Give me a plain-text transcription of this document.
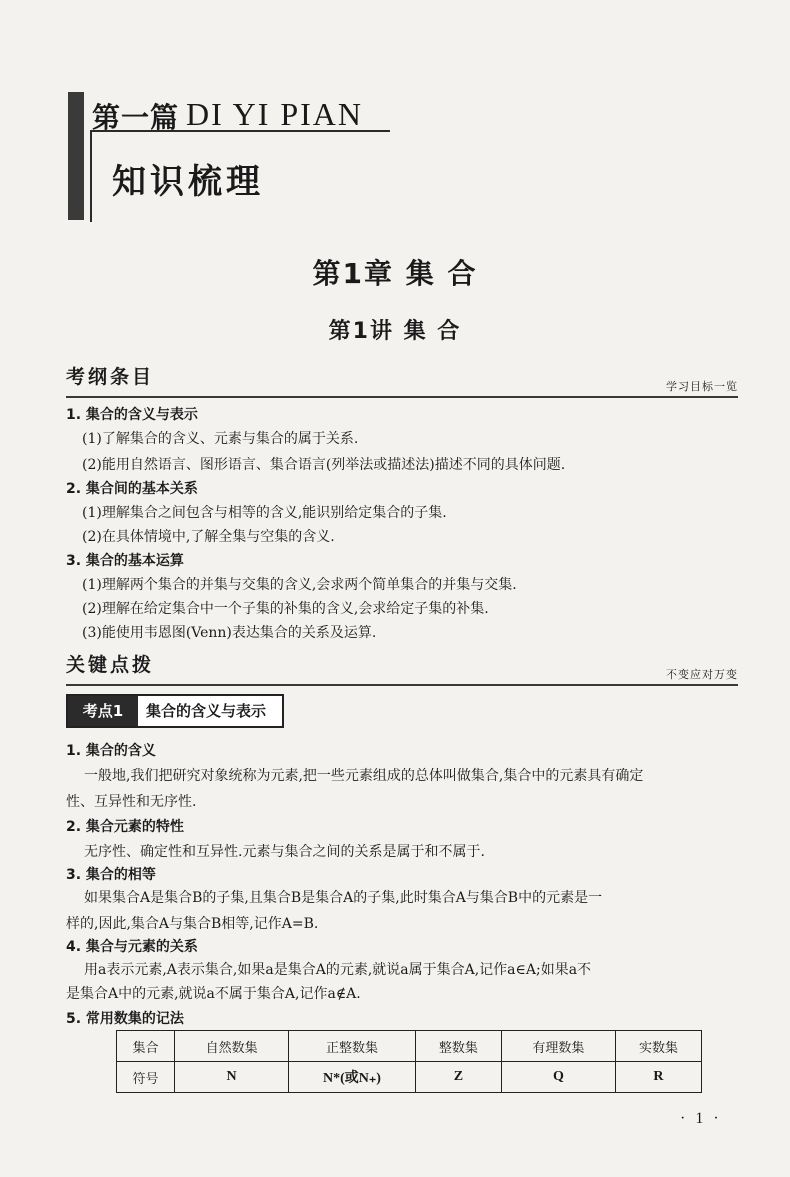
第一篇 DI YI PIAN
知识梳理
第1章 集 合
第1讲 集 合
考纲条目	学习目标一览
1. 集合的含义与表示
(1)了解集合的含义、元素与集合的属于关系.
(2)能用自然语言、图形语言、集合语言(列举法或描述法)描述不同的具体问题.
2. 集合间的基本关系
(1)理解集合之间包含与相等的含义,能识别给定集合的子集.
(2)在具体情境中,了解全集与空集的含义.
3. 集合的基本运算
(1)理解两个集合的并集与交集的含义,会求两个简单集合的并集与交集.
(2)理解在给定集合中一个子集的补集的含义,会求给定子集的补集.
(3)能使用韦恩图(Venn)表达集合的关系及运算.
关键点拨	不变应对万变
考点1	集合的含义与表示
1. 集合的含义
一般地,我们把研究对象统称为元素,把一些元素组成的总体叫做集合,集合中的元素具有确定
性、互异性和无序性.
2. 集合元素的特性
无序性、确定性和互异性.元素与集合之间的关系是属于和不属于.
3. 集合的相等
如果集合A是集合B的子集,且集合B是集合A的子集,此时集合A与集合B中的元素是一
样的,因此,集合A与集合B相等,记作A=B.
4. 集合与元素的关系
用a表示元素,A表示集合,如果a是集合A的元素,就说a属于集合A,记作a∈A;如果a不
是集合A中的元素,就说a不属于集合A,记作a∉A.
5. 常用数集的记法
集合	自然数集	正整数集	整数集	有理数集	实数集
符号	N	N*(或N₊)	Z	Q	R
· 1 ·
